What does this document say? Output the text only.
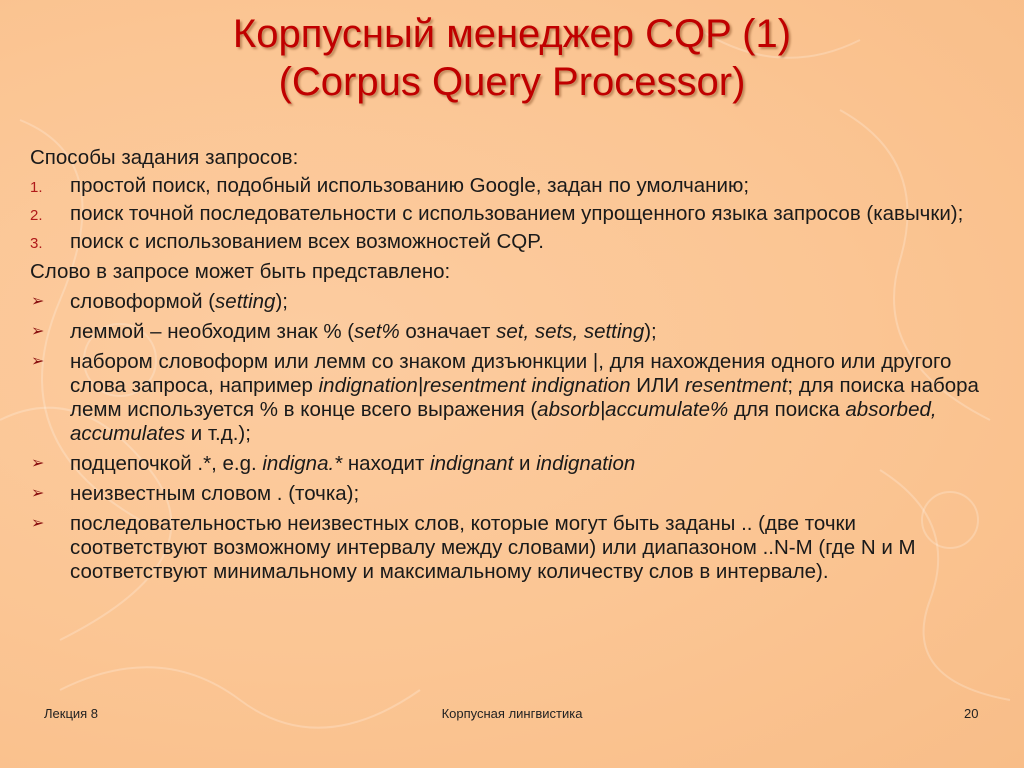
Корпусный менеджер CQP (1)
(Corpus Query Processor)

Способы задания запросов:

1. простой поиск, подобный использованию Google, задан по умолчанию;
2. поиск точной последовательности с использованием упрощенного языка запросов (кавычки);
3. поиск с использованием всех возможностей CQP.

Слово в запросе может быть представлено:

➢ словоформой (setting);
➢ леммой – необходим знак % (set% означает set, sets, setting);
➢ набором словоформ или лемм со знаком дизъюнкции |, для нахождения одного или другого слова запроса, например indignation|resentment indignation ИЛИ resentment; для поиска набора лемм используется % в конце всего выражения (absorb|accumulate% для поиска absorbed, accumulates и т.д.);
➢ подцепочкой .*, e.g. indigna.* находит indignant и indignation
➢ неизвестным словом . (точка);
➢ последовательностью неизвестных слов, которые могут быть заданы .. (две точки соответствуют возможному интервалу между словами) или диапазоном ..N-M (где N и M соответствуют минимальному и максимальному количеству слов в интервале).
Лекция 8	Корпусная лингвистика	20
